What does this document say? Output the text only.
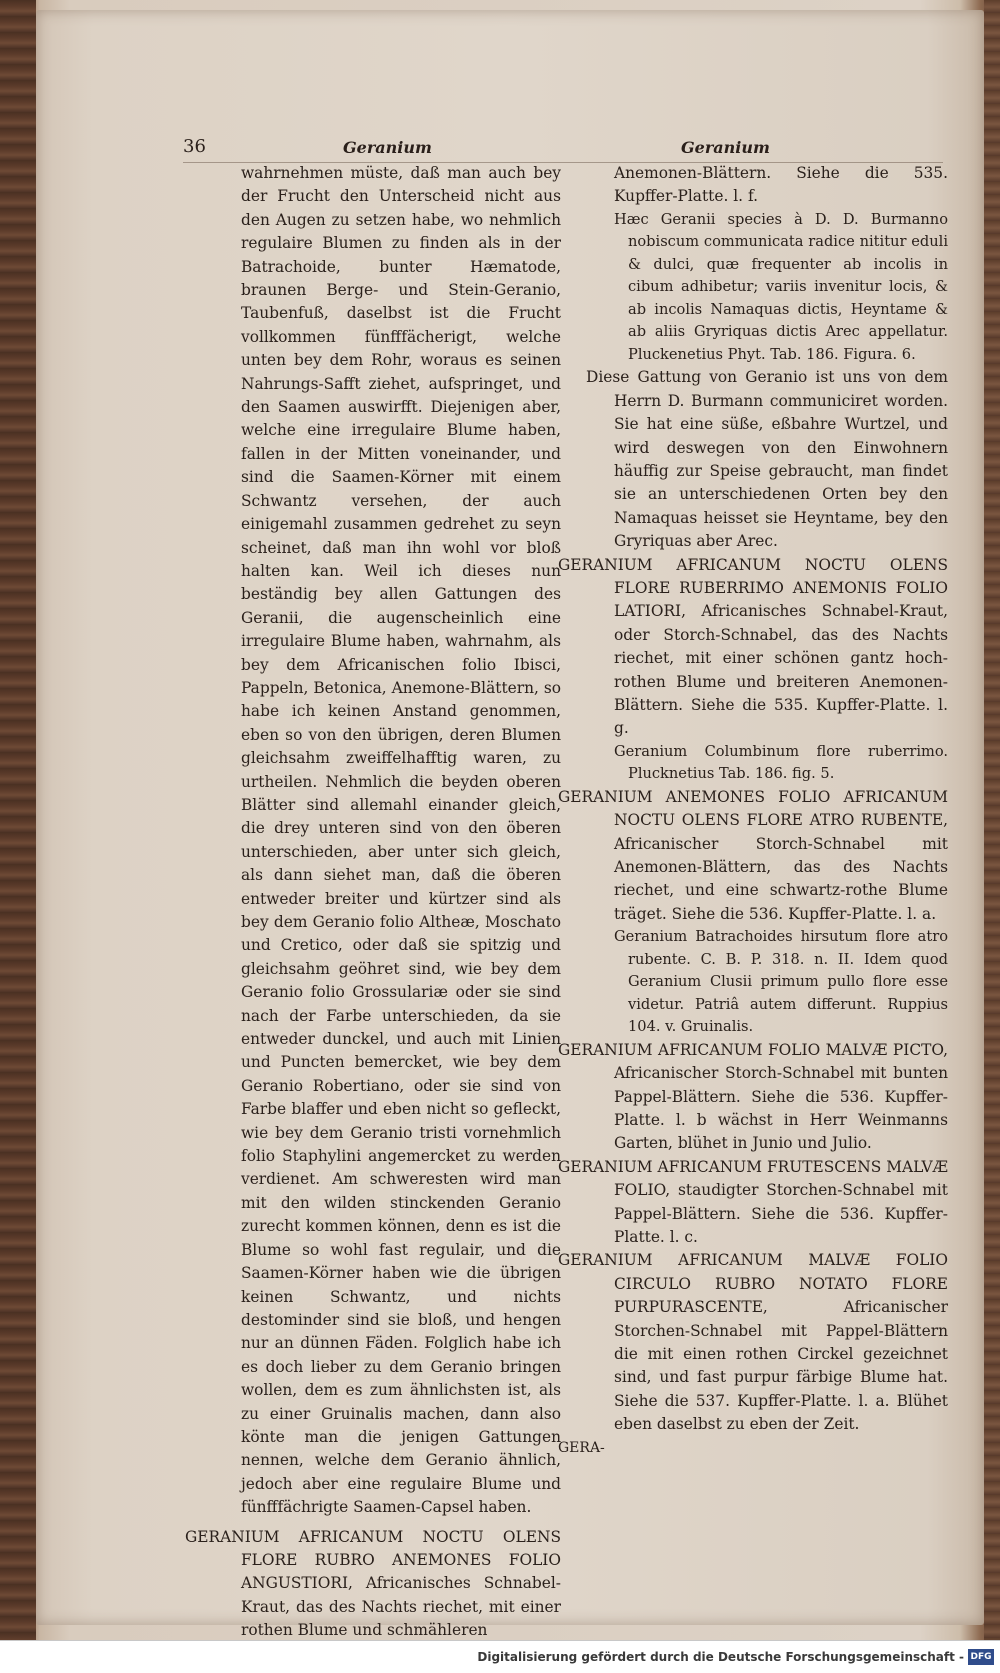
36	Geranium	Geranium

wahrnehmen müste, daß man auch bey der Frucht den Unterscheid nicht aus den Augen zu setzen habe, wo nehmlich regulaire Blumen zu finden als in der Batrachoide, bunter Hæmatode, braunen Berge- und Stein-Geranio, Taubenfuß, daselbst ist die Frucht vollkommen fünfffächerigt, welche unten bey dem Rohr, woraus es seinen Nahrungs-Safft ziehet, aufspringet, und den Saamen auswirfft. Diejenigen aber, welche eine irregulaire Blume haben, fallen in der Mitten voneinander, und sind die Saamen-Körner mit einem Schwantz versehen, der auch einigemahl zusammen gedrehet zu seyn scheinet, daß man ihn wohl vor bloß halten kan. Weil ich dieses nun beständig bey allen Gattungen des Geranii, die augenscheinlich eine irregulaire Blume haben, wahrnahm, als bey dem Africanischen folio Ibisci, Pappeln, Betonica, Anemone-Blättern, so habe ich keinen Anstand genommen, eben so von den übrigen, deren Blumen gleichsahm zweiffelhafftig waren, zu urtheilen. Nehmlich die beyden oberen Blätter sind allemahl einander gleich, die drey unteren sind von den öberen unterschieden, aber unter sich gleich, als dann siehet man, daß die öberen entweder breiter und kürtzer sind als bey dem Geranio folio Altheæ, Moschato und Cretico, oder daß sie spitzig und gleichsahm geöhret sind, wie bey dem Geranio folio Grossulariæ oder sie sind nach der Farbe unterschieden, da sie entweder dunckel, und auch mit Linien und Puncten bemercket, wie bey dem Geranio Robertiano, oder sie sind von Farbe blaffer und eben nicht so gefleckt, wie bey dem Geranio tristi vornehmlich folio Staphylini angemercket zu werden verdienet. Am schweresten wird man mit den wilden stinckenden Geranio zurecht kommen können, denn es ist die Blume so wohl fast regulair, und die Saamen-Körner haben wie die übrigen keinen Schwantz, und nichts destominder sind sie bloß, und hengen nur an dünnen Fäden. Folglich habe ich es doch lieber zu dem Geranio bringen wollen, dem es zum ähnlichsten ist, als zu einer Gruinalis machen, dann also könte man die jenigen Gattungen nennen, welche dem Geranio ähnlich, jedoch aber eine regulaire Blume und fünfffächrigte Saamen-Capsel haben.

GERANIUM AFRICANUM NOCTU OLENS FLORE RUBRO ANEMONES FOLIO ANGUSTIORI, Africanisches Schnabel-Kraut, das des Nachts riechet, mit einer rothen Blume und schmähleren

Anemonen-Blättern. Siehe die 535. Kupffer-Platte. l. f.

Hæc Geranii species à D. D. Burmanno nobiscum communicata radice nititur eduli & dulci, quæ frequenter ab incolis in cibum adhibetur; variis invenitur locis, & ab incolis Namaquas dictis, Heyntame & ab aliis Gryriquas dictis Arec appellatur. Pluckenetius Phyt. Tab. 186. Figura. 6.

Diese Gattung von Geranio ist uns von dem Herrn D. Burmann communiciret worden. Sie hat eine süße, eßbahre Wurtzel, und wird deswegen von den Einwohnern häuffig zur Speise gebraucht, man findet sie an unterschiedenen Orten bey den Namaquas heisset sie Heyntame, bey den Gryriquas aber Arec.

GERANIUM AFRICANUM NOCTU OLENS FLORE RUBERRIMO ANEMONIS FOLIO LATIORI, Africanisches Schnabel-Kraut, oder Storch-Schnabel, das des Nachts riechet, mit einer schönen gantz hoch-rothen Blume und breiteren Anemonen-Blättern. Siehe die 535. Kupffer-Platte. l. g.

Geranium Columbinum flore ruberrimo. Plucknetius Tab. 186. fig. 5.

GERANIUM ANEMONES FOLIO AFRICANUM NOCTU OLENS FLORE ATRO RUBENTE, Africanischer Storch-Schnabel mit Anemonen-Blättern, das des Nachts riechet, und eine schwartz-rothe Blume träget. Siehe die 536. Kupffer-Platte. l. a.

Geranium Batrachoides hirsutum flore atro rubente. C. B. P. 318. n. II. Idem quod Geranium Clusii primum pullo flore esse videtur. Patriâ autem differunt. Ruppius 104. v. Gruinalis.

GERANIUM AFRICANUM FOLIO MALVÆ PICTO, Africanischer Storch-Schnabel mit bunten Pappel-Blättern. Siehe die 536. Kupffer-Platte. l. b wächst in Herr Weinmanns Garten, blühet in Junio und Julio.

GERANIUM AFRICANUM FRUTESCENS MALVÆ FOLIO, staudigter Storchen-Schnabel mit Pappel-Blättern. Siehe die 536. Kupffer-Platte. l. c.

GERANIUM AFRICANUM MALVÆ FOLIO CIRCULO RUBRO NOTATO FLORE PURPURASCENTE, Africanischer Storchen-Schnabel mit Pappel-Blättern die mit einen rothen Circkel gezeichnet sind, und fast purpur färbige Blume hat. Siehe die 537. Kupffer-Platte. l. a. Blühet eben daselbst zu eben der Zeit.

GERA-

Digitalisierung gefördert durch die Deutsche Forschungsgemeinschaft - DFG
